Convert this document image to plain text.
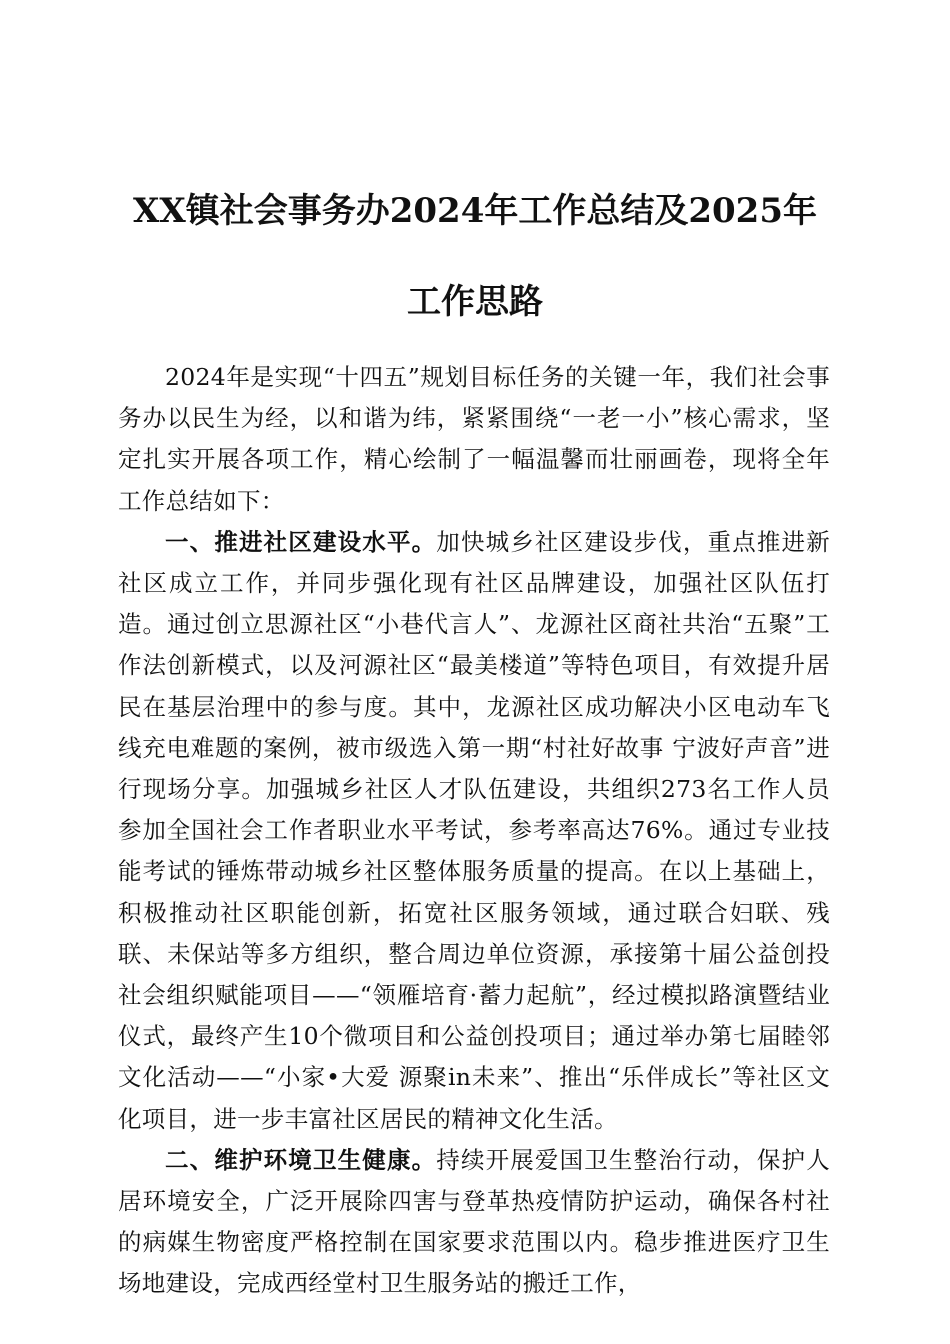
XX镇社会事务办2024年工作总结及2025年
工作思路

2024年是实现“十四五”规划目标任务的关键一年，我们社会事务办以民生为经，以和谐为纬，紧紧围绕“一老一小”核心需求，坚定扎实开展各项工作，精心绘制了一幅温馨而壮丽画卷，现将全年工作总结如下：

一、推进社区建设水平。加快城乡社区建设步伐，重点推进新社区成立工作，并同步强化现有社区品牌建设，加强社区队伍打造。通过创立思源社区“小巷代言人”、龙源社区商社共治“五聚”工作法创新模式，以及河源社区“最美楼道”等特色项目，有效提升居民在基层治理中的参与度。其中，龙源社区成功解决小区电动车飞线充电难题的案例，被市级选入第一期“村社好故事 宁波好声音”进行现场分享。加强城乡社区人才队伍建设，共组织273名工作人员参加全国社会工作者职业水平考试，参考率高达76%。通过专业技能考试的锤炼带动城乡社区整体服务质量的提高。在以上基础上，积极推动社区职能创新，拓宽社区服务领域，通过联合妇联、残联、未保站等多方组织，整合周边单位资源，承接第十届公益创投社会组织赋能项目——“领雁培育·蓄力起航”，经过模拟路演暨结业仪式，最终产生10个微项目和公益创投项目；通过举办第七届睦邻文化活动——“小家•大爱 源聚in未来”、推出“乐伴成长”等社区文化项目，进一步丰富社区居民的精神文化生活。

二、维护环境卫生健康。持续开展爱国卫生整治行动，保护人居环境安全，广泛开展除四害与登革热疫情防护运动，确保各村社的病媒生物密度严格控制在国家要求范围以内。稳步推进医疗卫生场地建设，完成西经堂村卫生服务站的搬迁工作，
